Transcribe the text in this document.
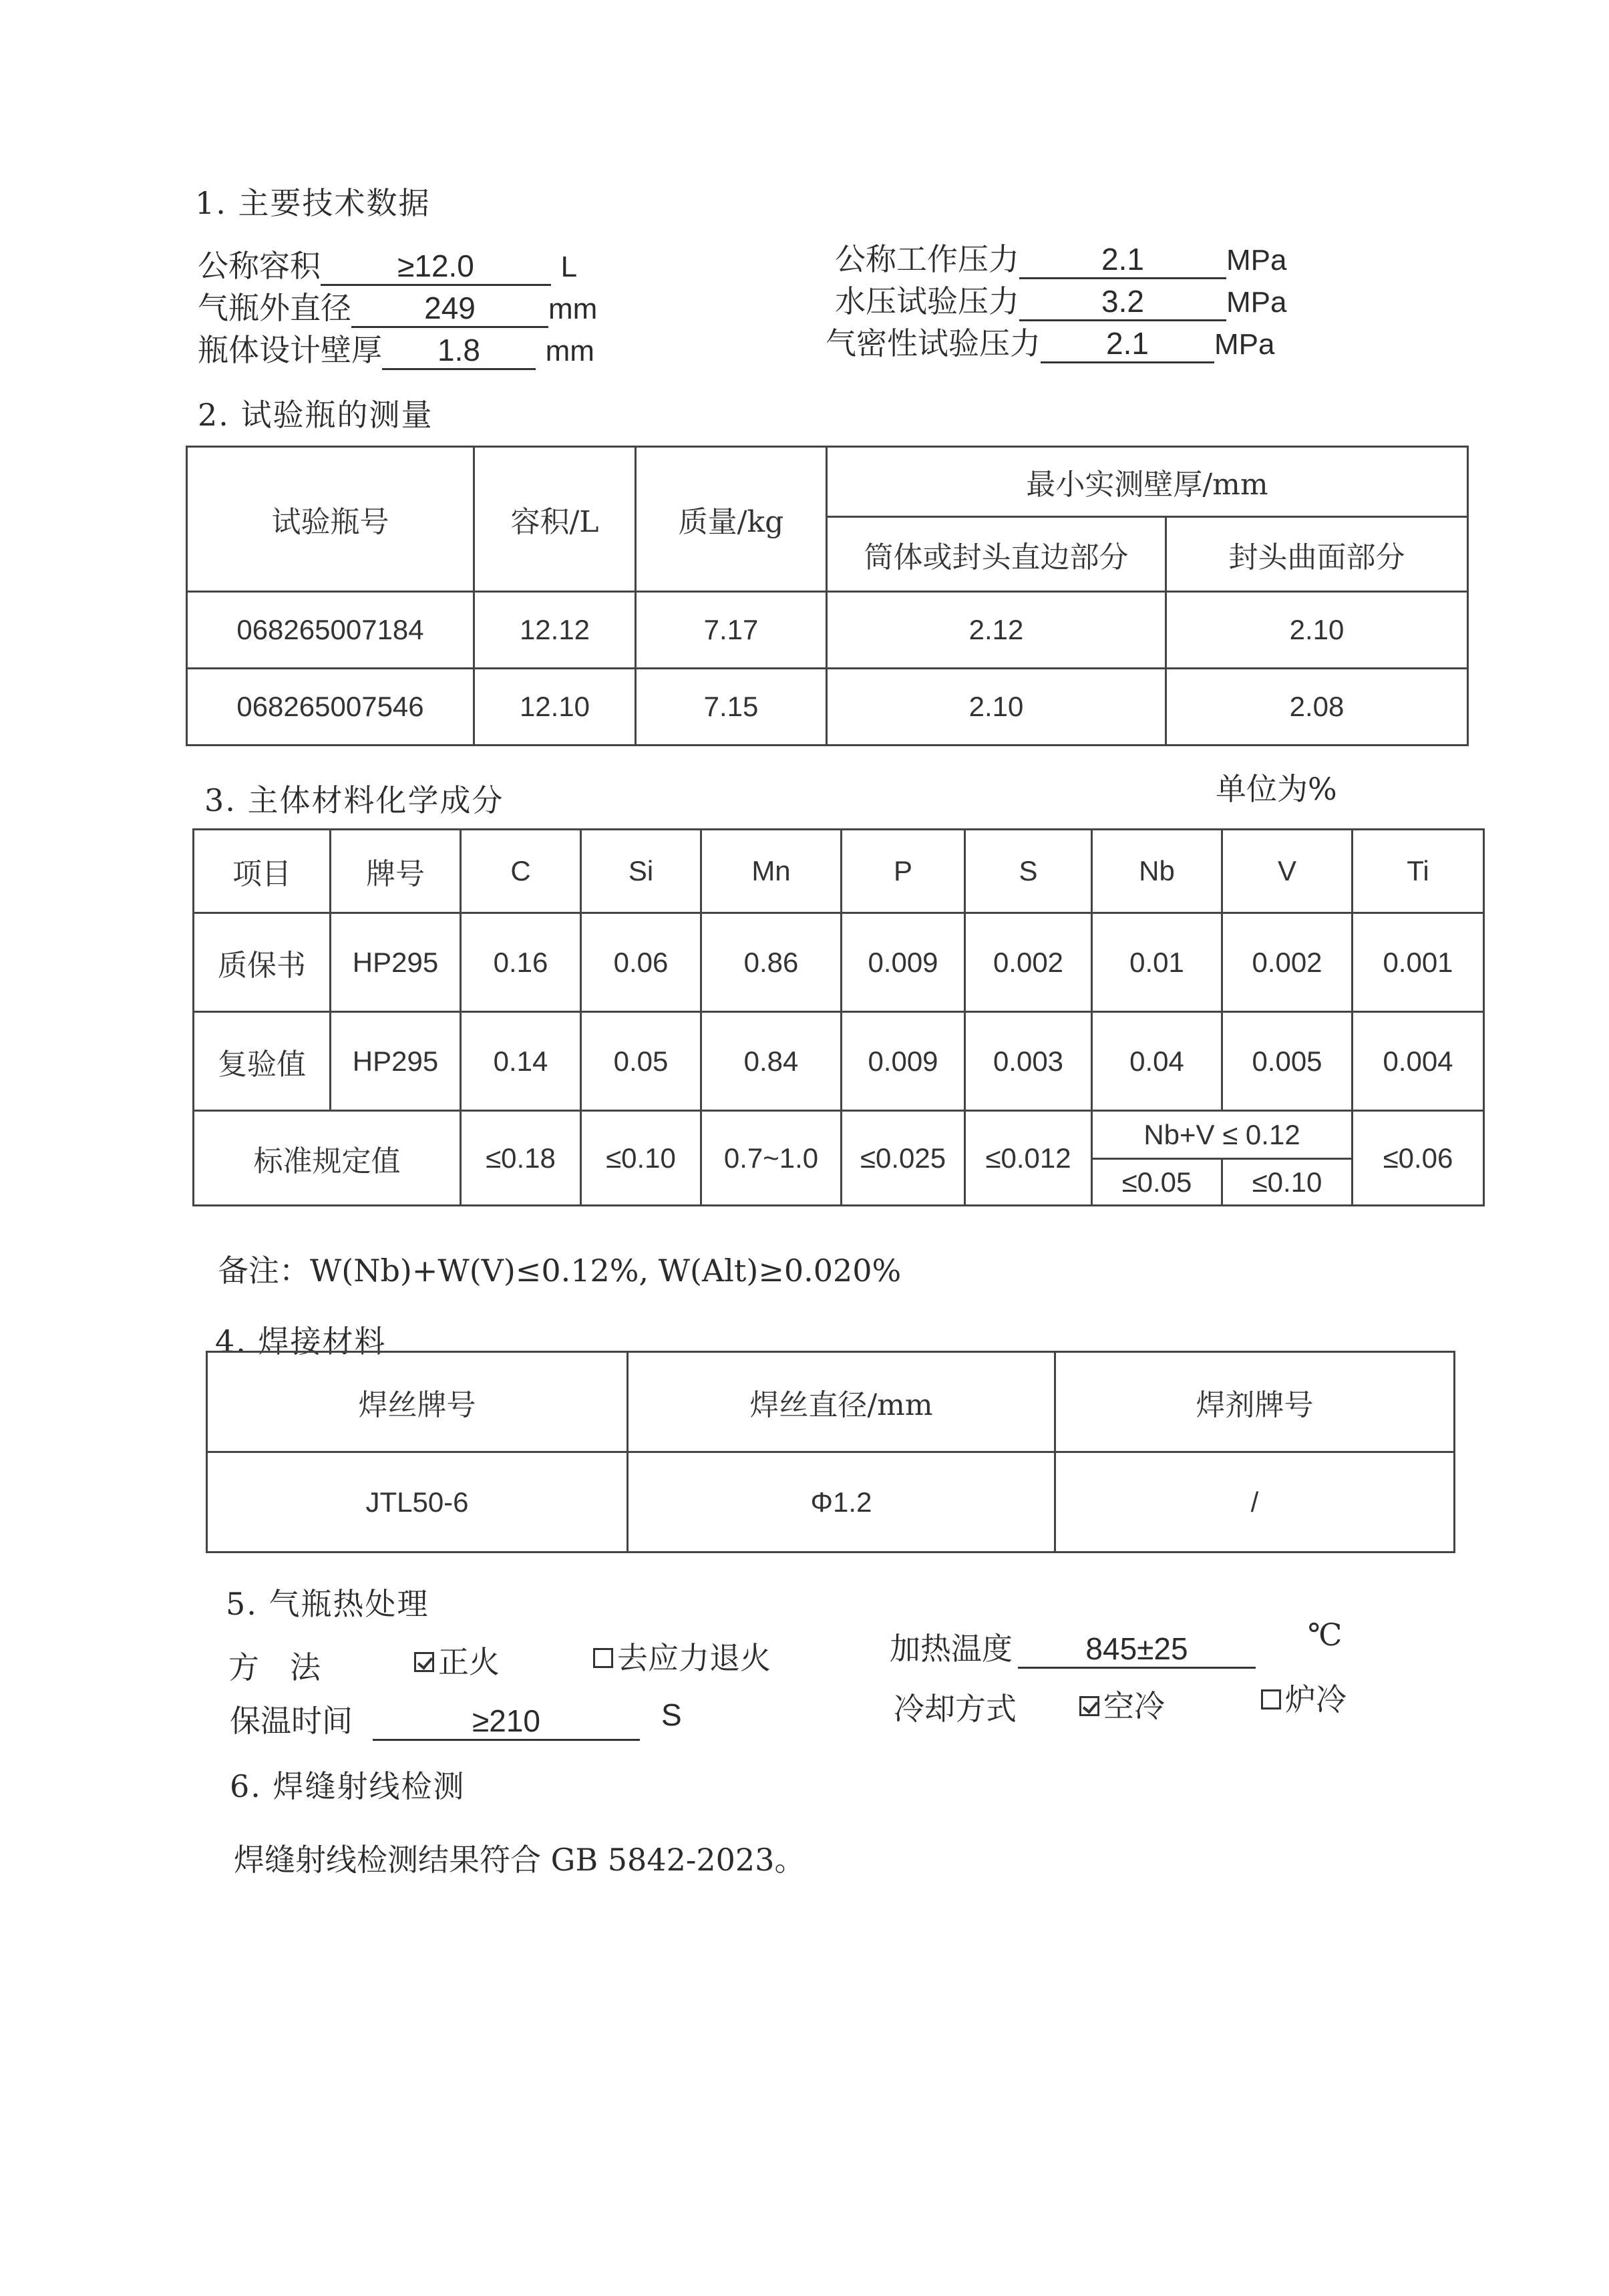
1. 主要技术数据
公称容积	≥12.0	L
气瓶外直径 249 mm
瓶体设计壁厚 1.8 mm
公称工作压力	2.1	MPa
水压试验压力	3.2	MPa
气密性试验压力 2.1 MPa
2. 试验瓶的测量
试验瓶号	容积/L	质量/kg	最小实测壁厚/mm	
			筒体或封头直边部分	封头曲面部分
068265007184	12.12	7.17	2.12	2.10
068265007546	12.10	7.15	2.10	2.08
3. 主体材料化学成分	单位为%
项目	牌号	C	Si	Mn	P	S	Nb	V	Ti
质保书	HP295	0.16	0.06	0.86	0.009	0.002	0.01	0.002	0.001
复验值	HP295	0.14	0.05	0.84	0.009	0.003	0.04	0.005	0.004
标准规定值		≤0.18	≤0.10	0.7~1.0	≤0.025	≤0.012	Nb+V ≤ 0.12		≤0.06
							≤0.05	≤0.10	
备注：W(Nb)+W(V)≤0.12%, W(Alt)≥0.020%
4. 焊接材料
焊丝牌号	焊丝直径/mm	焊剂牌号
JTL50-6	Φ1.2	/
5. 气瓶热处理
方　法	正火	去应力退火	加热温度 845±25	℃
保温时间	≥210	S	冷却方式	空冷	炉冷
6. 焊缝射线检测
焊缝射线检测结果符合 GB 5842-2023。
